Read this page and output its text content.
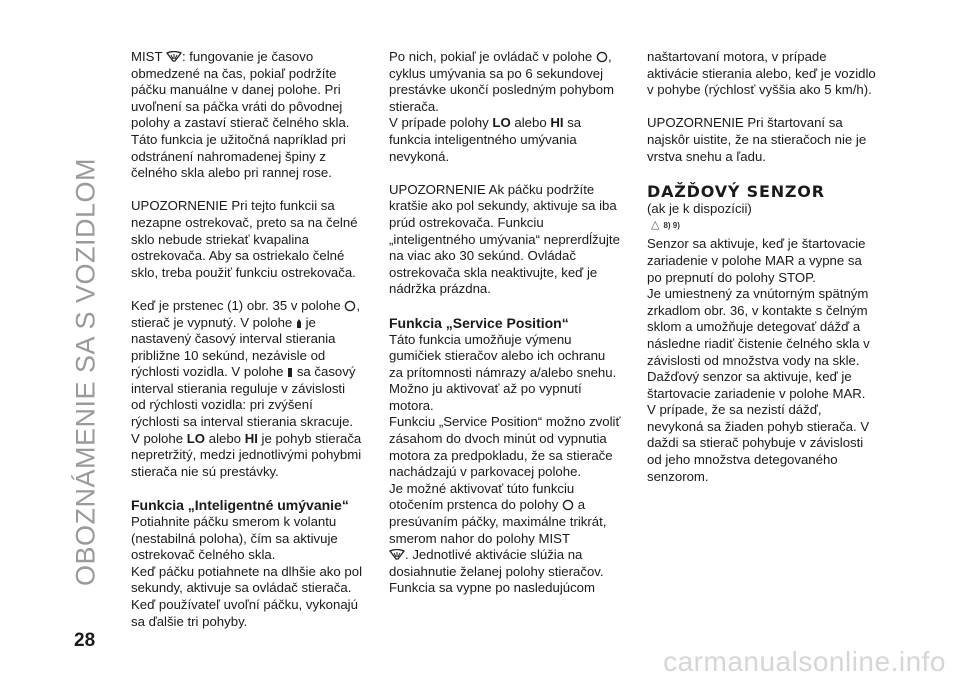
OBOZNÁMENIE SA S VOZIDLOM
28

MIST : fungovanie je časovo obmedzené na čas, pokiaľ podržíte páčku manuálne v danej polohe. Pri uvoľnení sa páčka vráti do pôvodnej polohy a zastaví stierač čelného skla. Táto funkcia je užitočná napríklad pri odstránení nahromadenej špiny z čelného skla alebo pri rannej rose.

UPOZORNENIE Pri tejto funkcii sa nezapne ostrekovač, preto sa na čelné sklo nebude striekať kvapalina ostrekovača. Aby sa ostriekalo čelné sklo, treba použiť funkciu ostrekovača.

Keď je prstenec (1) obr. 35 v polohe , stierač je vypnutý. V polohe je nastavený časový interval stierania približne 10 sekúnd, nezávisle od rýchlosti vozidla. V polohe sa časový interval stierania reguluje v závislosti od rýchlosti vozidla: pri zvýšení rýchlosti sa interval stierania skracuje.

V polohe LO alebo HI je pohyb stierača nepretržitý, medzi jednotlivými pohybmi stierača nie sú prestávky.

Funkcia „Inteligentné umývanie“

Potiahnite páčku smerom k volantu (nestabilná poloha), čím sa aktivuje ostrekovač čelného skla.

Keď páčku potiahnete na dlhšie ako pol sekundy, aktivuje sa ovládač stierača. Keď používateľ uvoľní páčku, vykonajú sa ďalšie tri pohyby.

Po nich, pokiaľ je ovládač v polohe , cyklus umývania sa po 6 sekundovej prestávke ukončí posledným pohybom stierača.

V prípade polohy LO alebo HI sa funkcia inteligentného umývania nevykoná.

UPOZORNENIE Ak páčku podržíte kratšie ako pol sekundy, aktivuje sa iba prúd ostrekovača. Funkciu „inteligentného umývania“ neprerdĺžujte na viac ako 30 sekúnd. Ovládač ostrekovača skla neaktivujte, keď je nádržka prázdna.

Funkcia „Service Position“

Táto funkcia umožňuje výmenu gumičiek stieračov alebo ich ochranu za prítomnosti námrazy a/alebo snehu.

Možno ju aktivovať až po vypnutí motora.

Funkciu „Service Position“ možno zvoliť zásahom do dvoch minút od vypnutia motora za predpokladu, že sa stierače nachádzajú v parkovacej polohe.

Je možné aktivovať túto funkciu otočením prstenca do polohy a presúvaním páčky, maximálne trikrát, smerom nahor do polohy MIST

. Jednotlivé aktivácie slúžia na dosiahnutie želanej polohy stieračov. Funkcia sa vypne po nasledujúcom

naštartovaní motora, v prípade aktivácie stierania alebo, keď je vozidlo v pohybe (rýchlosť vyššia ako 5 km/h).

UPOZORNENIE Pri štartovaní sa najskôr uistite, že na stieračoch nie je vrstva snehu a ľadu.

DAŽĎOVÝ SENZOR

(ak je k dispozícii)

△ 8) 9)

Senzor sa aktivuje, keď je štartovacie zariadenie v polohe MAR a vypne sa po prepnutí do polohy STOP.

Je umiestnený za vnútorným spätným zrkadlom obr. 36, v kontakte s čelným sklom a umožňuje detegovať dážď a následne riadiť čistenie čelného skla v závislosti od množstva vody na skle.

Dažďový senzor sa aktivuje, keď je štartovacie zariadenie v polohe MAR.

V prípade, že sa nezistí dážď, nevykoná sa žiaden pohyb stierača. V daždi sa stierač pohybuje v závislosti od jeho množstva detegovaného senzorom.

carmanualsonline.info
